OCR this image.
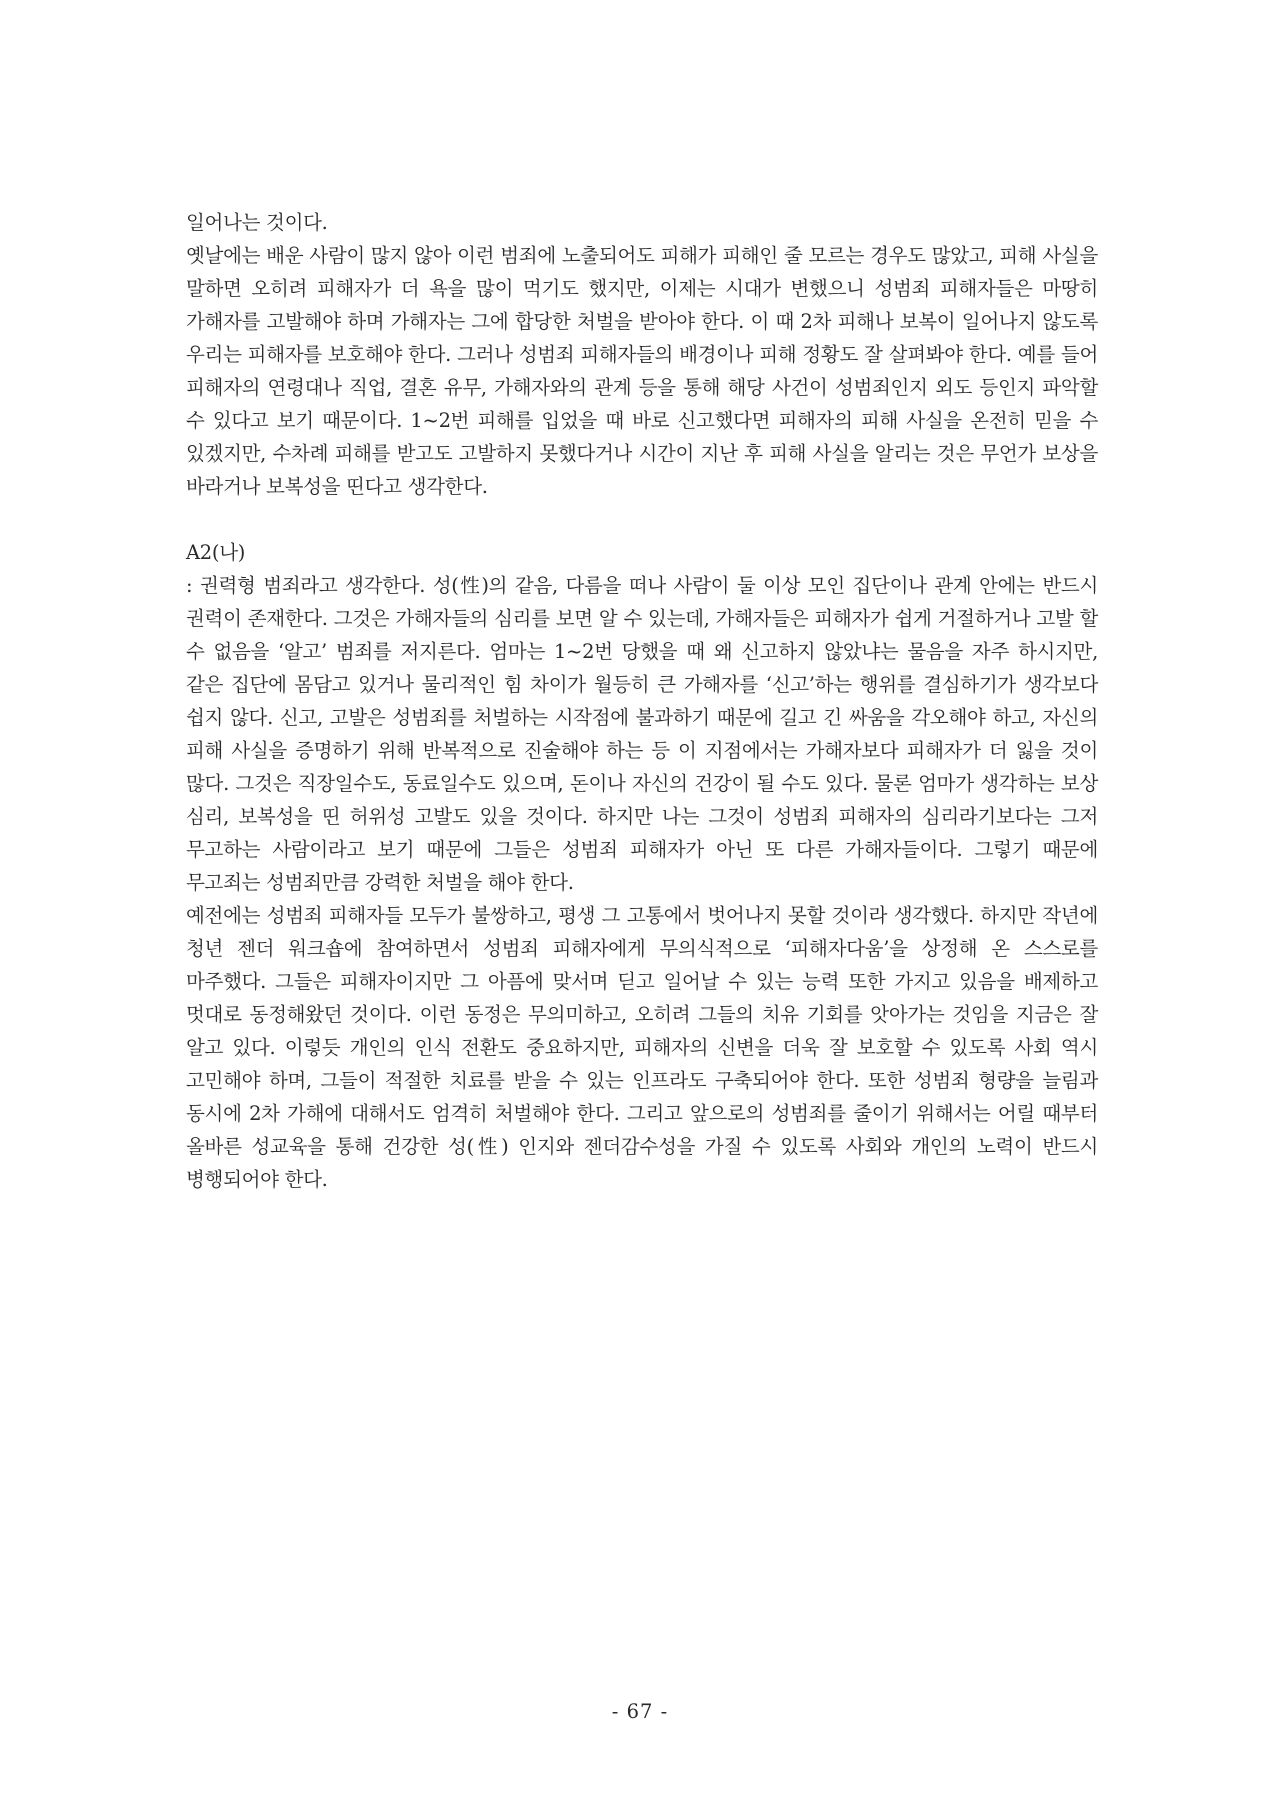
일어나는 것이다.

옛날에는 배운 사람이 많지 않아 이런 범죄에 노출되어도 피해가 피해인 줄 모르는 경우도 많았고, 피해 사실을 말하면 오히려 피해자가 더 욕을 많이 먹기도 했지만, 이제는 시대가 변했으니 성범죄 피해자들은 마땅히 가해자를 고발해야 하며 가해자는 그에 합당한 처벌을 받아야 한다. 이 때 2차 피해나 보복이 일어나지 않도록 우리는 피해자를 보호해야 한다. 그러나 성범죄 피해자들의 배경이나 피해 정황도 잘 살펴봐야 한다. 예를 들어 피해자의 연령대나 직업, 결혼 유무, 가해자와의 관계 등을 통해 해당 사건이 성범죄인지 외도 등인지 파악할 수 있다고 보기 때문이다. 1~2번 피해를 입었을 때 바로 신고했다면 피해자의 피해 사실을 온전히 믿을 수 있겠지만, 수차례 피해를 받고도 고발하지 못했다거나 시간이 지난 후 피해 사실을 알리는 것은 무언가 보상을 바라거나 보복성을 띤다고 생각한다.

A2(나)

: 권력형 범죄라고 생각한다. 성(性)의 같음, 다름을 떠나 사람이 둘 이상 모인 집단이나 관계 안에는 반드시 권력이 존재한다. 그것은 가해자들의 심리를 보면 알 수 있는데, 가해자들은 피해자가 쉽게 거절하거나 고발 할 수 없음을 ‘알고’ 범죄를 저지른다. 엄마는 1~2번 당했을 때 왜 신고하지 않았냐는 물음을 자주 하시지만, 같은 집단에 몸담고 있거나 물리적인 힘 차이가 월등히 큰 가해자를 ‘신고’하는 행위를 결심하기가 생각보다 쉽지 않다. 신고, 고발은 성범죄를 처벌하는 시작점에 불과하기 때문에 길고 긴 싸움을 각오해야 하고, 자신의 피해 사실을 증명하기 위해 반복적으로 진술해야 하는 등 이 지점에서는 가해자보다 피해자가 더 잃을 것이 많다. 그것은 직장일수도, 동료일수도 있으며, 돈이나 자신의 건강이 될 수도 있다. 물론 엄마가 생각하는 보상 심리, 보복성을 띤 허위성 고발도 있을 것이다. 하지만 나는 그것이 성범죄 피해자의 심리라기보다는 그저 무고하는 사람이라고 보기 때문에 그들은 성범죄 피해자가 아닌 또 다른 가해자들이다. 그렇기 때문에 무고죄는 성범죄만큼 강력한 처벌을 해야 한다.

예전에는 성범죄 피해자들 모두가 불쌍하고, 평생 그 고통에서 벗어나지 못할 것이라 생각했다. 하지만 작년에 청년 젠더 워크숍에 참여하면서 성범죄 피해자에게 무의식적으로 ‘피해자다움’을 상정해 온 스스로를 마주했다. 그들은 피해자이지만 그 아픔에 맞서며 딛고 일어날 수 있는 능력 또한 가지고 있음을 배제하고 멋대로 동정해왔던 것이다. 이런 동정은 무의미하고, 오히려 그들의 치유 기회를 앗아가는 것임을 지금은 잘 알고 있다. 이렇듯 개인의 인식 전환도 중요하지만, 피해자의 신변을 더욱 잘 보호할 수 있도록 사회 역시 고민해야 하며, 그들이 적절한 치료를 받을 수 있는 인프라도 구축되어야 한다. 또한 성범죄 형량을 늘림과 동시에 2차 가해에 대해서도 엄격히 처벌해야 한다. 그리고 앞으로의 성범죄를 줄이기 위해서는 어릴 때부터 올바른 성교육을 통해 건강한 성(性) 인지와 젠더감수성을 가질 수 있도록 사회와 개인의 노력이 반드시 병행되어야 한다.

- 67 -
